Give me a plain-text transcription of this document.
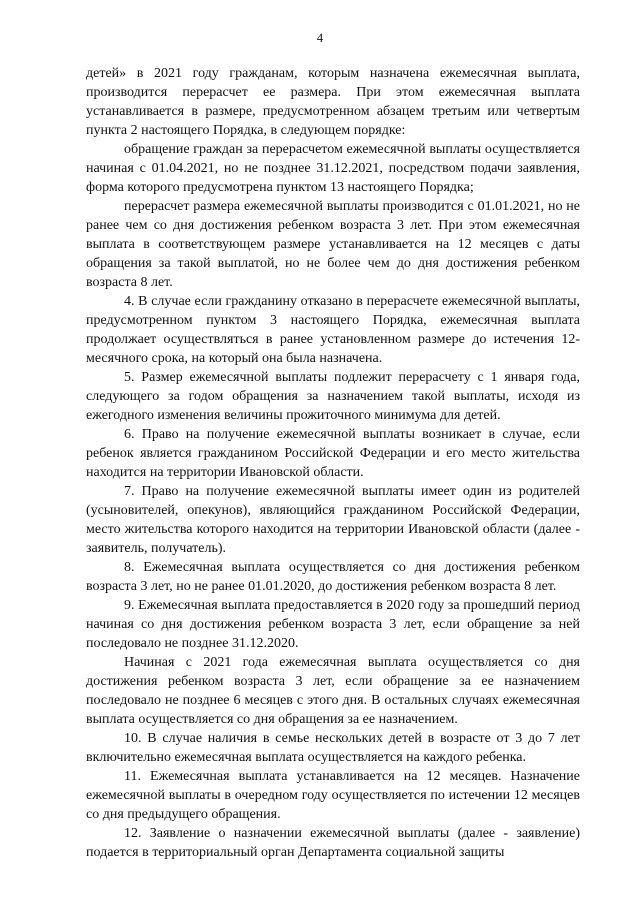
4

детей» в 2021 году гражданам, которым назначена ежемесячная выплата, производится перерасчет ее размера. При этом ежемесячная выплата устанавливается в размере, предусмотренном абзацем третьим или четвертым пункта 2 настоящего Порядка, в следующем порядке:

обращение граждан за перерасчетом ежемесячной выплаты осуществляется начиная с 01.04.2021, но не позднее 31.12.2021, посредством подачи заявления, форма которого предусмотрена пунктом 13 настоящего Порядка;

перерасчет размера ежемесячной выплаты производится с 01.01.2021, но не ранее чем со дня достижения ребенком возраста 3 лет. При этом ежемесячная выплата в соответствующем размере устанавливается на 12 месяцев с даты обращения за такой выплатой, но не более чем до дня достижения ребенком возраста 8 лет.

4. В случае если гражданину отказано в перерасчете ежемесячной выплаты, предусмотренном пунктом 3 настоящего Порядка, ежемесячная выплата продолжает осуществляться в ранее установленном размере до истечения 12-месячного срока, на который она была назначена.

5. Размер ежемесячной выплаты подлежит перерасчету с 1 января года, следующего за годом обращения за назначением такой выплаты, исходя из ежегодного изменения величины прожиточного минимума для детей.

6. Право на получение ежемесячной выплаты возникает в случае, если ребенок является гражданином Российской Федерации и его место жительства находится на территории Ивановской области.

7. Право на получение ежемесячной выплаты имеет один из родителей (усыновителей, опекунов), являющийся гражданином Российской Федерации, место жительства которого находится на территории Ивановской области (далее - заявитель, получатель).

8. Ежемесячная выплата осуществляется со дня достижения ребенком возраста 3 лет, но не ранее 01.01.2020, до достижения ребенком возраста 8 лет.

9. Ежемесячная выплата предоставляется в 2020 году за прошедший период начиная со дня достижения ребенком возраста 3 лет, если обращение за ней последовало не позднее 31.12.2020.

Начиная с 2021 года ежемесячная выплата осуществляется со дня достижения ребенком возраста 3 лет, если обращение за ее назначением последовало не позднее 6 месяцев с этого дня. В остальных случаях ежемесячная выплата осуществляется со дня обращения за ее назначением.

10. В случае наличия в семье нескольких детей в возрасте от 3 до 7 лет включительно ежемесячная выплата осуществляется на каждого ребенка.

11. Ежемесячная выплата устанавливается на 12 месяцев. Назначение ежемесячной выплаты в очередном году осуществляется по истечении 12 месяцев со дня предыдущего обращения.

12. Заявление о назначении ежемесячной выплаты (далее - заявление) подается в территориальный орган Департамента социальной защиты
